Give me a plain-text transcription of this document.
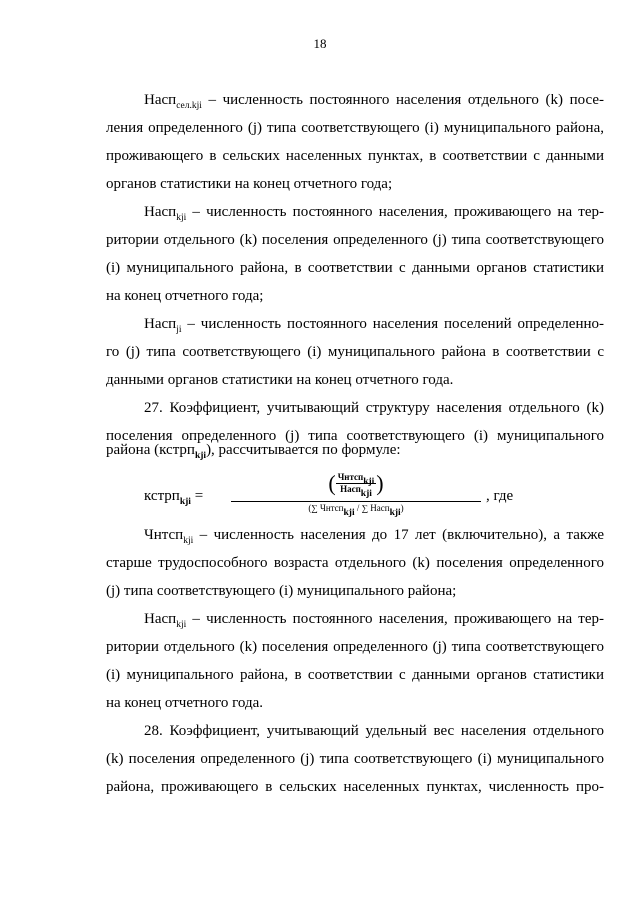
18
Насп$_{сел.kji}$ – численность постоянного населения отдельного (k) посе-
ления определенного (j) типа соответствующего (i) муниципального района,
проживающего в сельских населенных пунктах, в соответствии с данными
органов статистики на конец отчетного года;
Насп$_{kji}$ – численность постоянного населения, проживающего на тер-
ритории отдельного (k) поселения определенного (j) типа соответствующего
(i) муниципального района, в соответствии с данными органов статистики
на конец отчетного года;
Насп$_{ji}$ – численность постоянного населения поселений определенно-
го (j) типа соответствующего (i) муниципального района в соответствии с
данными органов статистики на конец отчетного года.
27. Коэффициент, учитывающий структуру населения отдельного (k)
поселения определенного (j) типа соответствующего (i) муниципального
района (кстрп$_{kji}$), рассчитывается по формуле:
кстрп$_{kji}$ =
( Чнтсп$_{kji}$
Насп$_{kji}$ )
(∑ Чнтсп$_{kji}$ / ∑ Насп$_{kji}$)
, где
Чнтсп$_{kji}$ – численность населения до 17 лет (включительно), а также
старше трудоспособного возраста отдельного (k) поселения определенного
(j) типа соответствующего (i) муниципального района;
Насп$_{kji}$ – численность постоянного населения, проживающего на тер-
ритории отдельного (k) поселения определенного (j) типа соответствующего
(i) муниципального района, в соответствии с данными органов статистики
на конец отчетного года.
28. Коэффициент, учитывающий удельный вес населения отдельного
(k) поселения определенного (j) типа соответствующего (i) муниципального
района, проживающего в сельских населенных пунктах, численность про-
